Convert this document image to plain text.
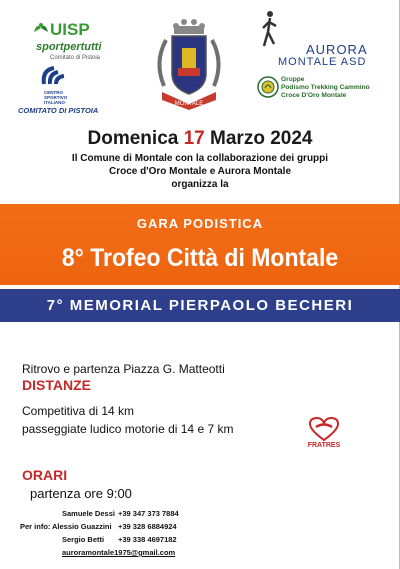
UISP
sportpertutti
Comitato di Pistoia
CENTRO
SPORTIVO
ITALIANO
COMITATO DI PISTOIA
MONTALE
AURORA
MONTALE ASD
Gruppe
Podismo Trekking Cammino
Croce D'Oro Montale
Domenica 17 Marzo 2024
Il Comune di Montale con la collaborazione dei gruppi
Croce d'Oro Montale e Aurora Montale
organizza la
GARA PODISTICA
8° Trofeo Città di Montale
7° MEMORIAL PIERPAOLO BECHERI
Ritrovo e partenza Piazza G. Matteotti
DISTANZE
Competitiva di 14 km
passeggiate ludico motorie di 14 e 7 km
ORARI
partenza ore 9:00
Per info:
Samuele Dessì +39 347 373 7884
Alessio Guazzini +39 328 6884924
Sergio Betti +39 338 4697182
auroramontale1975@gmail.com
FRATRES
